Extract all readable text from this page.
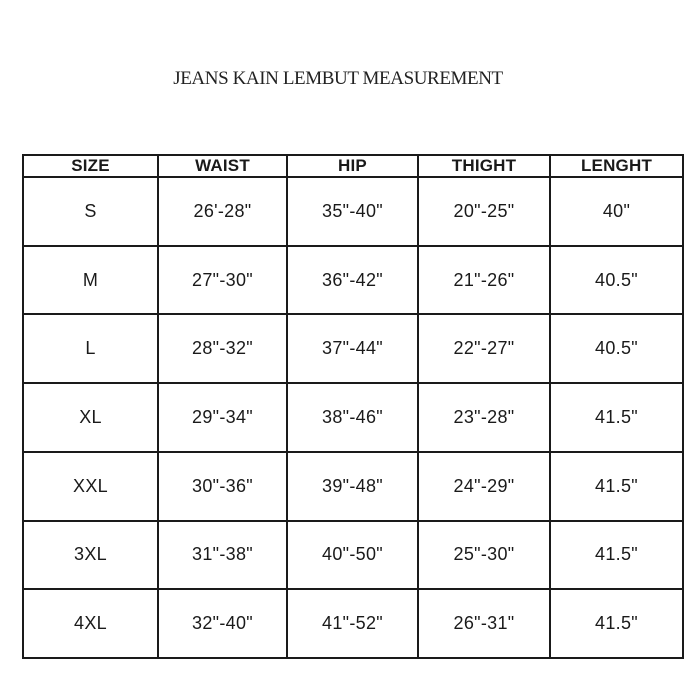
JEANS KAIN LEMBUT MEASUREMENT
SIZE	WAIST	HIP	THIGHT	LENGHT
S	26'-28"	35"-40"	20"-25"	40"
M	27"-30"	36"-42"	21"-26"	40.5"
L	28"-32"	37"-44"	22"-27"	40.5"
XL	29"-34"	38"-46"	23"-28"	41.5"
XXL	30"-36"	39"-48"	24"-29"	41.5"
3XL	31"-38"	40"-50"	25"-30"	41.5"
4XL	32"-40"	41"-52"	26"-31"	41.5"
